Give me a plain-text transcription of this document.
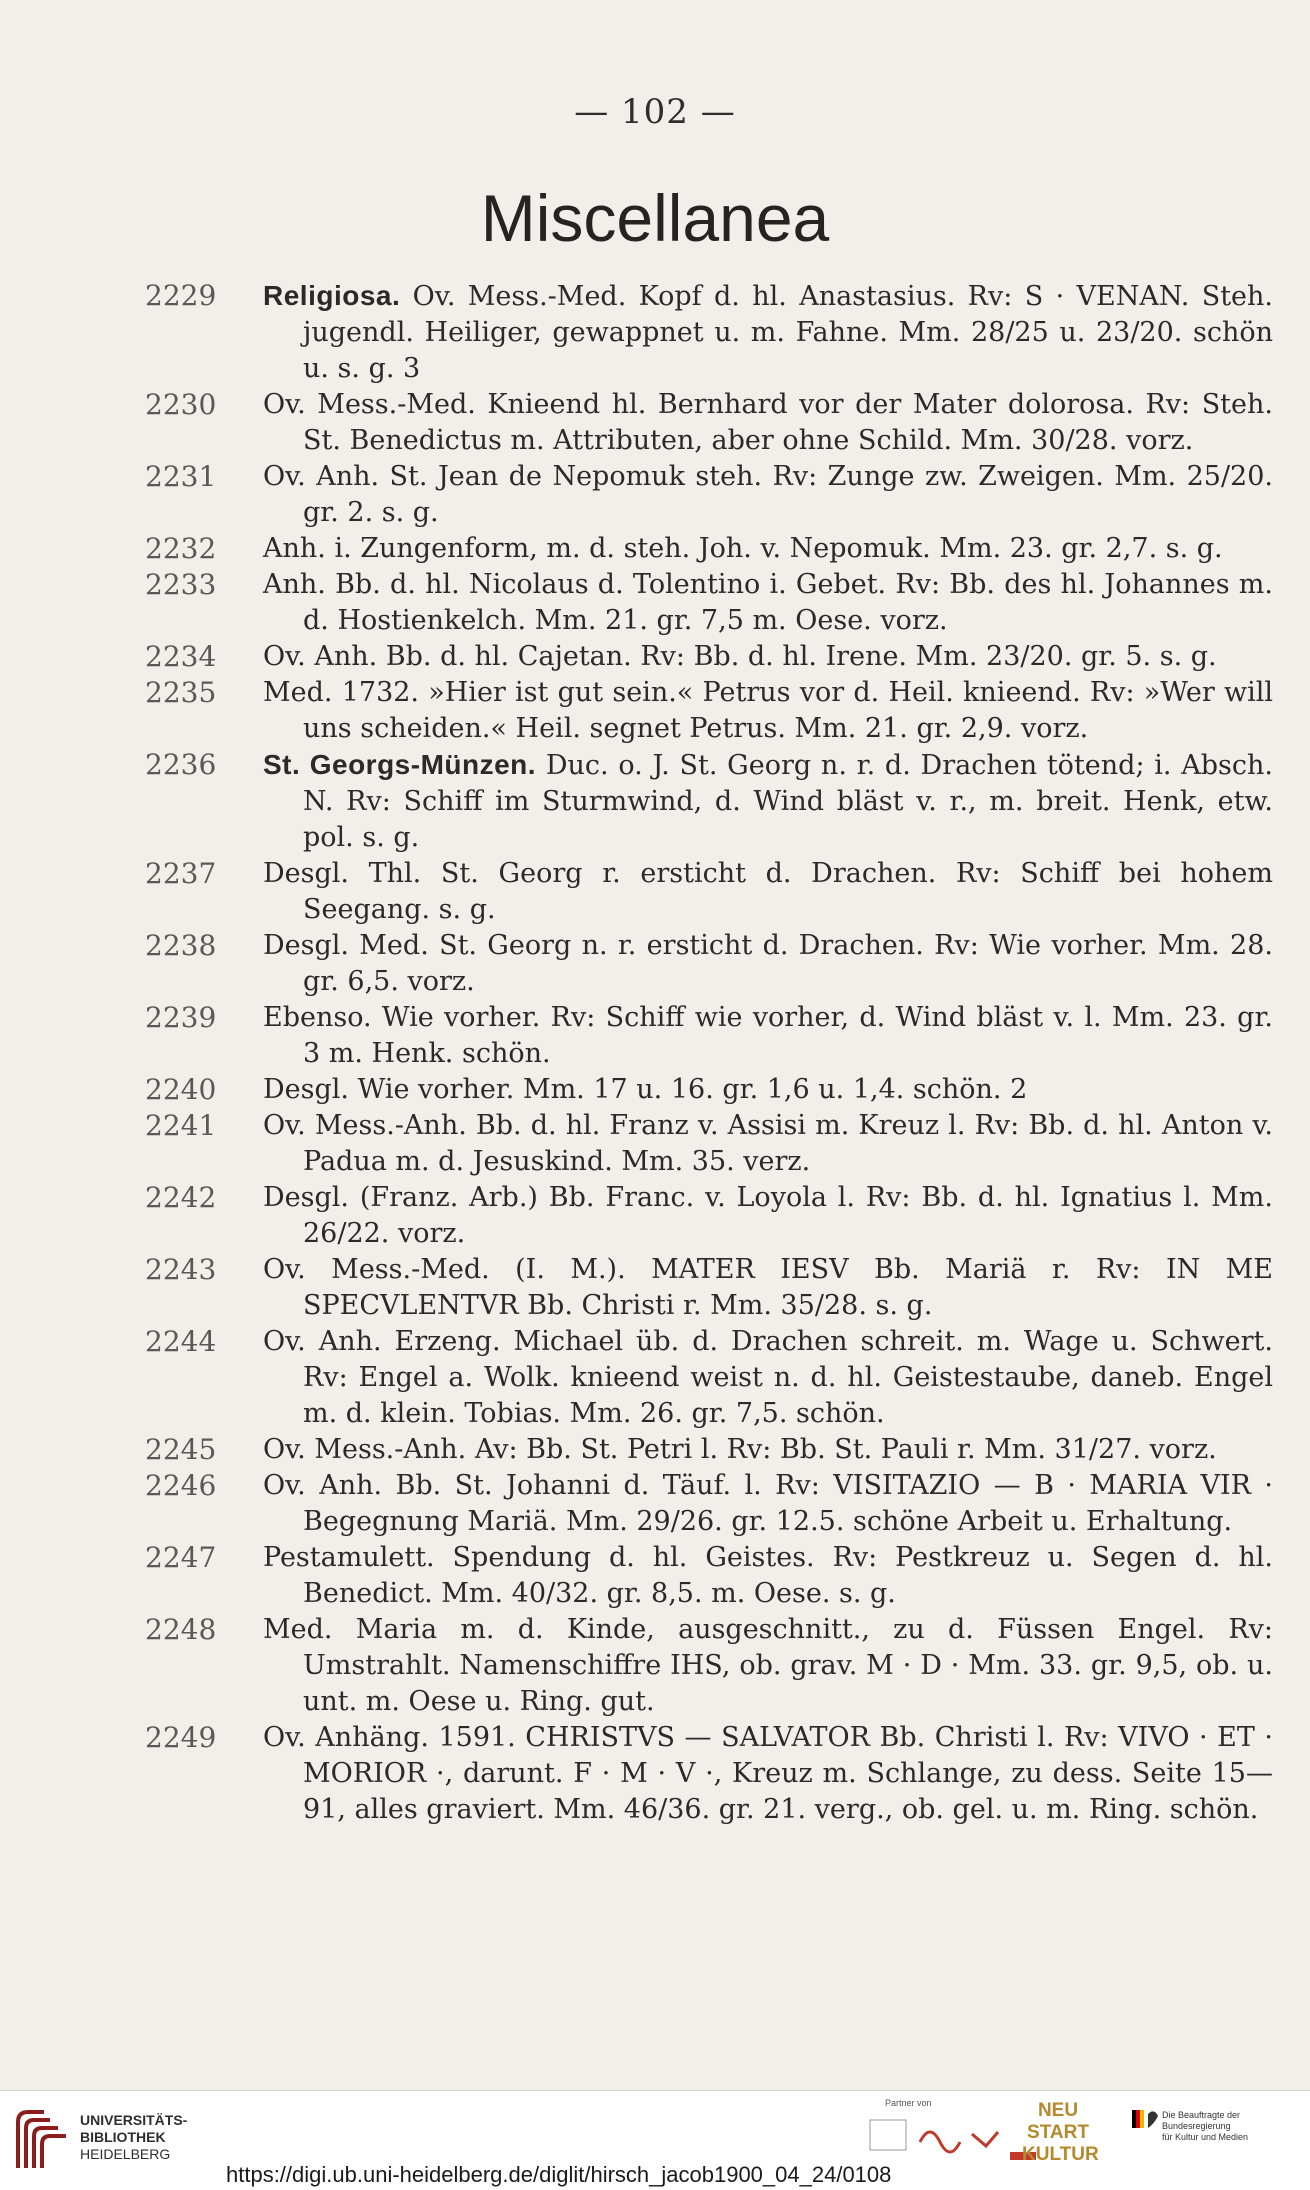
— 102 —
Miscellanea
2229	Religiosa. Ov. Mess.-Med. Kopf d. hl. Anastasius. Rv: S · VENAN. Steh. jugendl. Heiliger, gewappnet u. m. Fahne. Mm. 28/25 u. 23/20. schön u. s. g. 3
2230	Ov. Mess.-Med. Knieend hl. Bernhard vor der Mater dolorosa. Rv: Steh. St. Benedictus m. Attributen, aber ohne Schild. Mm. 30/28. vorz.
2231	Ov. Anh. St. Jean de Nepomuk steh. Rv: Zunge zw. Zweigen. Mm. 25/20. gr. 2. s. g.
2232	Anh. i. Zungenform, m. d. steh. Joh. v. Nepomuk. Mm. 23. gr. 2,7. s. g.
2233	Anh. Bb. d. hl. Nicolaus d. Tolentino i. Gebet. Rv: Bb. des hl. Johannes m. d. Hostienkelch. Mm. 21. gr. 7,5 m. Oese. vorz.
2234	Ov. Anh. Bb. d. hl. Cajetan. Rv: Bb. d. hl. Irene. Mm. 23/20. gr. 5. s. g.
2235	Med. 1732. »Hier ist gut sein.« Petrus vor d. Heil. knieend. Rv: »Wer will uns scheiden.« Heil. segnet Petrus. Mm. 21. gr. 2,9. vorz.
2236	St. Georgs-Münzen. Duc. o. J. St. Georg n. r. d. Drachen tötend; i. Absch. N. Rv: Schiff im Sturmwind, d. Wind bläst v. r., m. breit. Henk, etw. pol. s. g.
2237	Desgl. Thl. St. Georg r. ersticht d. Drachen. Rv: Schiff bei hohem Seegang. s. g.
2238	Desgl. Med. St. Georg n. r. ersticht d. Drachen. Rv: Wie vorher. Mm. 28. gr. 6,5. vorz.
2239	Ebenso. Wie vorher. Rv: Schiff wie vorher, d. Wind bläst v. l. Mm. 23. gr. 3 m. Henk. schön.
2240	Desgl. Wie vorher. Mm. 17 u. 16. gr. 1,6 u. 1,4. schön. 2
2241	Ov. Mess.-Anh. Bb. d. hl. Franz v. Assisi m. Kreuz l. Rv: Bb. d. hl. Anton v. Padua m. d. Jesuskind. Mm. 35. verz.
2242	Desgl. (Franz. Arb.) Bb. Franc. v. Loyola l. Rv: Bb. d. hl. Ignatius l. Mm. 26/22. vorz.
2243	Ov. Mess.-Med. (I. M.). MATER IESV Bb. Mariä r. Rv: IN ME SPECVLENTVR Bb. Christi r. Mm. 35/28. s. g.
2244	Ov. Anh. Erzeng. Michael üb. d. Drachen schreit. m. Wage u. Schwert. Rv: Engel a. Wolk. knieend weist n. d. hl. Geistestaube, daneb. Engel m. d. klein. Tobias. Mm. 26. gr. 7,5. schön.
2245	Ov. Mess.-Anh. Av: Bb. St. Petri l. Rv: Bb. St. Pauli r. Mm. 31/27. vorz.
2246	Ov. Anh. Bb. St. Johanni d. Täuf. l. Rv: VISITAZIO — B · MARIA VIR · Begegnung Mariä. Mm. 29/26. gr. 12.5. schöne Arbeit u. Erhaltung.
2247	Pestamulett. Spendung d. hl. Geistes. Rv: Pestkreuz u. Segen d. hl. Benedict. Mm. 40/32. gr. 8,5. m. Oese. s. g.
2248	Med. Maria m. d. Kinde, ausgeschnitt., zu d. Füssen Engel. Rv: Umstrahlt. Namenschiffre IHS, ob. grav. M · D · Mm. 33. gr. 9,5, ob. u. unt. m. Oese u. Ring. gut.
2249	Ov. Anhäng. 1591. CHRISTVS — SALVATOR Bb. Christi l. Rv: VIVO · ET · MORIOR ·, darunt. F · M · V ·, Kreuz m. Schlange, zu dess. Seite 15—91, alles graviert. Mm. 46/36. gr. 21. verg., ob. gel. u. m. Ring. schön.
UNIVERSITÄTS-
BIBLIOTHEK
HEIDELBERG
https://digi.ub.uni-heidelberg.de/diglit/hirsch_jacob1900_04_24/0108
Partner von	NEU
START
KULTUR
Die Beauftragte der Bundesregierung
für Kultur und Medien
